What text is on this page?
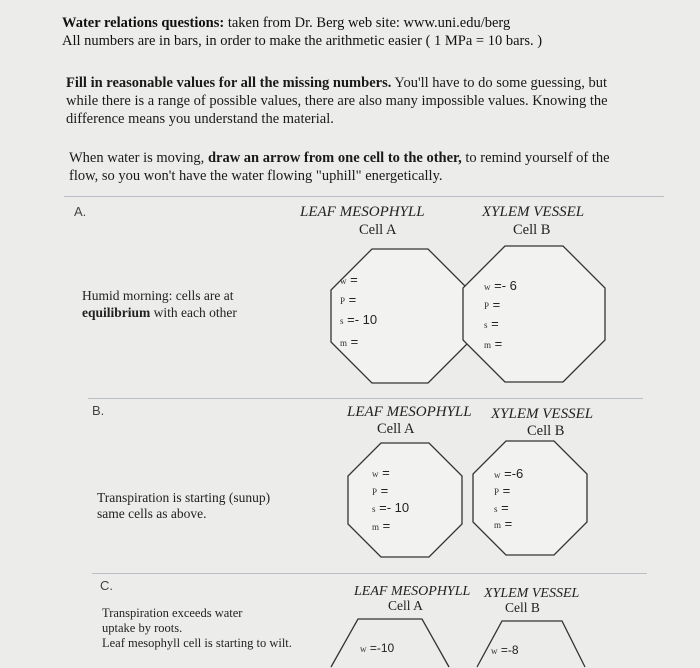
Water relations questions: taken from Dr. Berg web site: www.uni.edu/berg
All numbers are in bars, in order to make the arithmetic easier ( 1 MPa = 10 bars. )
Fill in reasonable values for all the missing numbers. You'll have to do some guessing, but
while there is a range of possible values, there are also many impossible values. Knowing the
difference means you understand the material.
When water is moving, draw an arrow from one cell to the other, to remind yourself of the
flow, so you won't have the water flowing "uphill" energetically.
A.	LEAF MESOPHYLL
Cell A
XYLEM VESSEL
Cell B
w =
P =
s =- 10
m =
w =- 6
P =
s =
m =
Humid morning: cells are at
equilibrium with each other
B.	LEAF MESOPHYLL
Cell A
XYLEM VESSEL
Cell B
w =
P =
s =- 10
m =
w =-6
P =
s =
m =
Transpiration is starting (sunup)
same cells as above.
C.	LEAF MESOPHYLL
Cell A
XYLEM VESSEL
Cell B
w =-10	w =-8
Transpiration exceeds water
uptake by roots.
Leaf mesophyll cell is starting to wilt.
